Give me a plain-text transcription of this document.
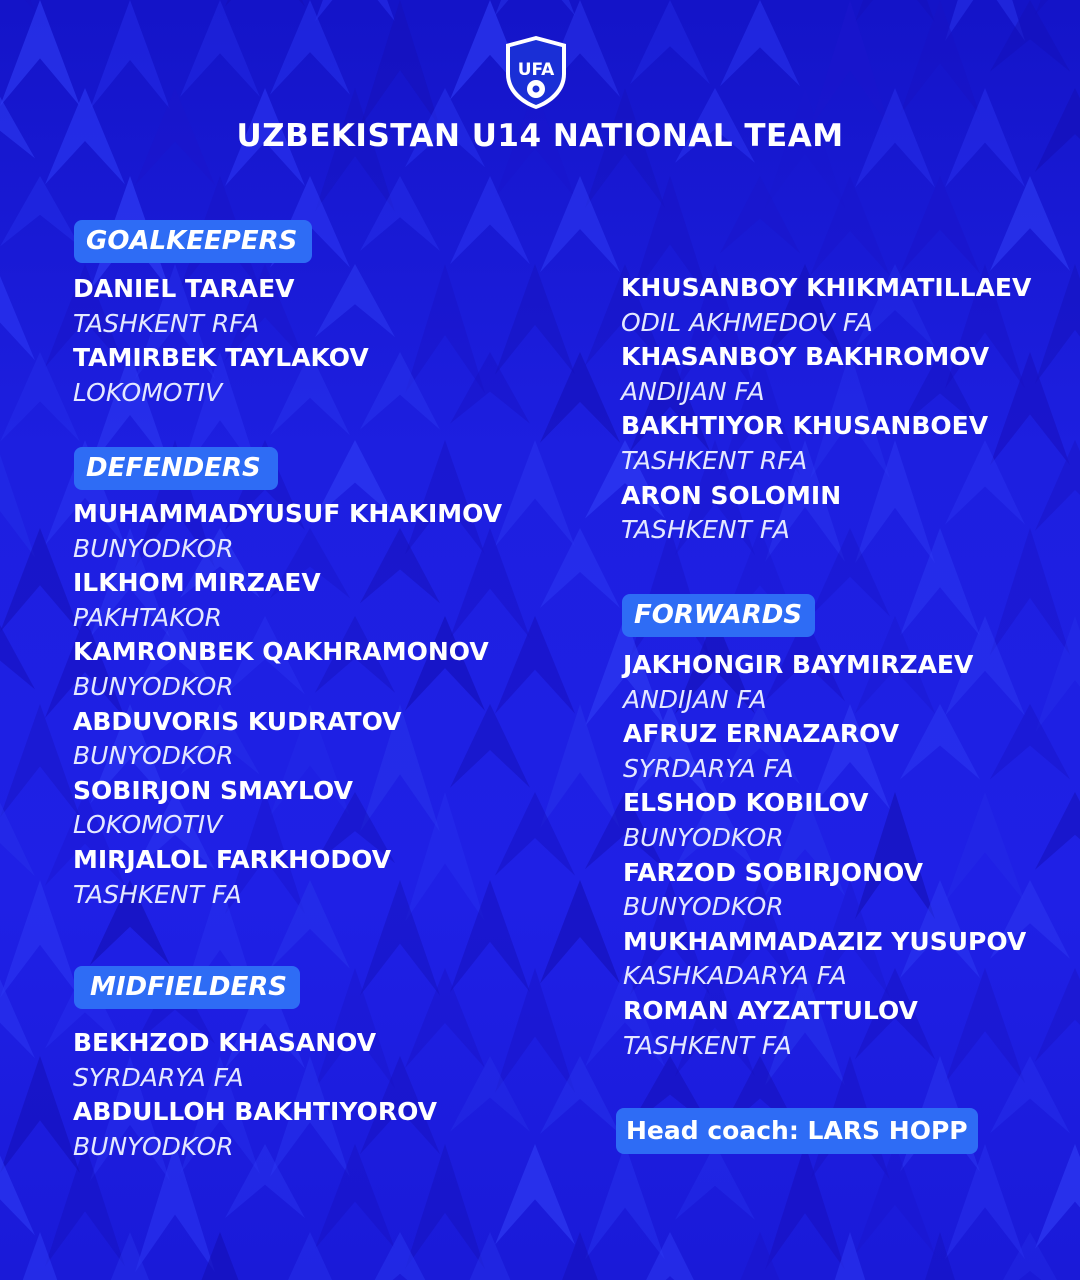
UFA
UZBEKISTAN U14 NATIONAL TEAM
GOALKEEPERS
DANIEL TARAEV
TASHKENT RFA
TAMIRBEK TAYLAKOV
LOKOMOTIV
DEFENDERS
MUHAMMADYUSUF KHAKIMOV
BUNYODKOR
ILKHOM MIRZAEV
PAKHTAKOR
KAMRONBEK QAKHRAMONOV
BUNYODKOR
ABDUVORIS KUDRATOV
BUNYODKOR
SOBIRJON SMAYLOV
LOKOMOTIV
MIRJALOL FARKHODOV
TASHKENT FA
MIDFIELDERS
BEKHZOD KHASANOV
SYRDARYA FA
ABDULLOH BAKHTIYOROV
BUNYODKOR
KHUSANBOY KHIKMATILLAEV
ODIL AKHMEDOV FA
KHASANBOY BAKHROMOV
ANDIJAN FA
BAKHTIYOR KHUSANBOEV
TASHKENT RFA
ARON SOLOMIN
TASHKENT FA
FORWARDS
JAKHONGIR BAYMIRZAEV
ANDIJAN FA
AFRUZ ERNAZAROV
SYRDARYA FA
ELSHOD KOBILOV
BUNYODKOR
FARZOD SOBIRJONOV
BUNYODKOR
MUKHAMMADAZIZ YUSUPOV
KASHKADARYA FA
ROMAN AYZATTULOV
TASHKENT FA
Head coach: LARS HOPP
